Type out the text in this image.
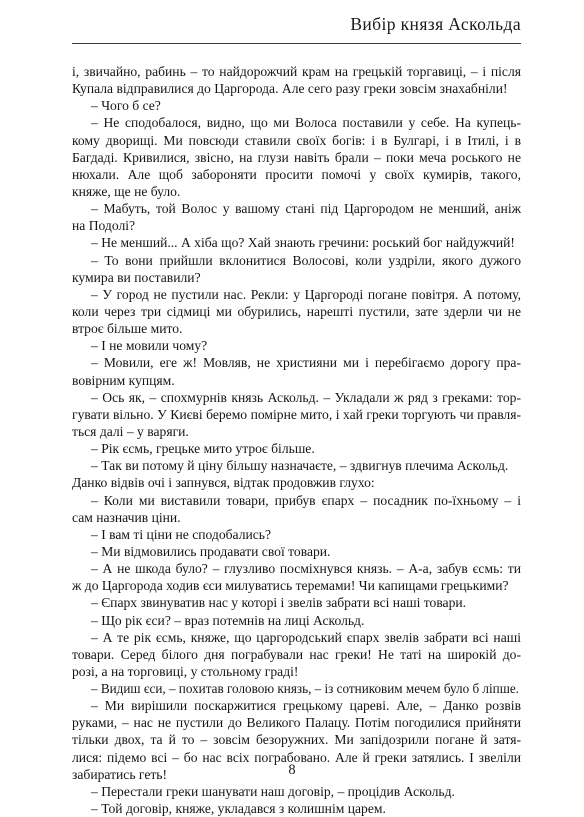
Вибір князя Аскольда
і, звичайно, рабинь – то найдорожчий крам на грецькій торгавиці, – і після
Купала відправилися до Царгорода. Але сего разу греки зовсім знахабніли!
– Чого б се?
– Не сподобалося, видно, що ми Волоса поставили у себе. На купець-
кому дворищі. Ми повсюди ставили своїх богів: і в Булгарі, і в Ітилі, і в
Багдаді. Кривилися, звісно, на глузи навіть брали – поки меча роського не
нюхали. Але щоб забороняти просити помочі у своїх кумирів, такого,
княже, ще не було.
– Мабуть, той Волос у вашому стані під Царгородом не менший, аніж
на Подолі?
– Не менший... А хіба що? Хай знають гречини: роський бог найдужчий!
– То вони прийшли вклонитися Волосові, коли уздріли, якого дужого
кумира ви поставили?
– У город не пустили нас. Рекли: у Царгороді погане повітря. А потому,
коли через три сідмиці ми обурились, нарешті пустили, зате здерли чи не
втроє більше мито.
– І не мовили чому?
– Мовили, еге ж! Мовляв, не християни ми і перебігаємо дорогу пра-
вовірним купцям.
– Ось як, – спохмурнів князь Аскольд. – Укладали ж ряд з греками: тор-
гувати вільно. У Києві беремо помірне мито, і хай греки торгують чи правля-
ться далі – у варяги.
– Рік єсмь, грецьке мито утроє більше.
– Так ви потому й ціну більшу назначаєте, – здвигнув плечима Аскольд.
Данко відвів очі і запнувся, відтак продовжив глухо:
– Коли ми виставили товари, прибув єпарх – посадник по-їхньому – і
сам назначив ціни.
– І вам ті ціни не сподобались?
– Ми відмовились продавати свої товари.
– А не шкода було? – глузливо посміхнувся князь. – А-а, забув єсмь: ти
ж до Царгорода ходив єси милуватись теремами! Чи капищами грецькими?
– Єпарх звинуватив нас у которі і звелів забрати всі наші товари.
– Що рік єси? – враз потемнів на лиці Аскольд.
– А те рік єсмь, княже, що царгородський єпарх звелів забрати всі наші
товари. Серед білого дня пограбували нас греки! Не таті на широкій до-
розі, а на торговиці, у стольному граді!
– Видиш єси, – похитав головою князь, – із сотниковим мечем було б ліпше.
– Ми вирішили поскаржитися грецькому цареві. Але, – Данко розвів
руками, – нас не пустили до Великого Палацу. Потім погодилися прийняти
тільки двох, та й то – зовсім безоружних. Ми запідозрили погане й затя-
лися: підемо всі – бо нас всіх пограбовано. Але й греки затялись. І звеліли
забиратись геть!
– Перестали греки шанувати наш договір, – процідив Аскольд.
– Той договір, княже, укладався з колишнім царем.
8
